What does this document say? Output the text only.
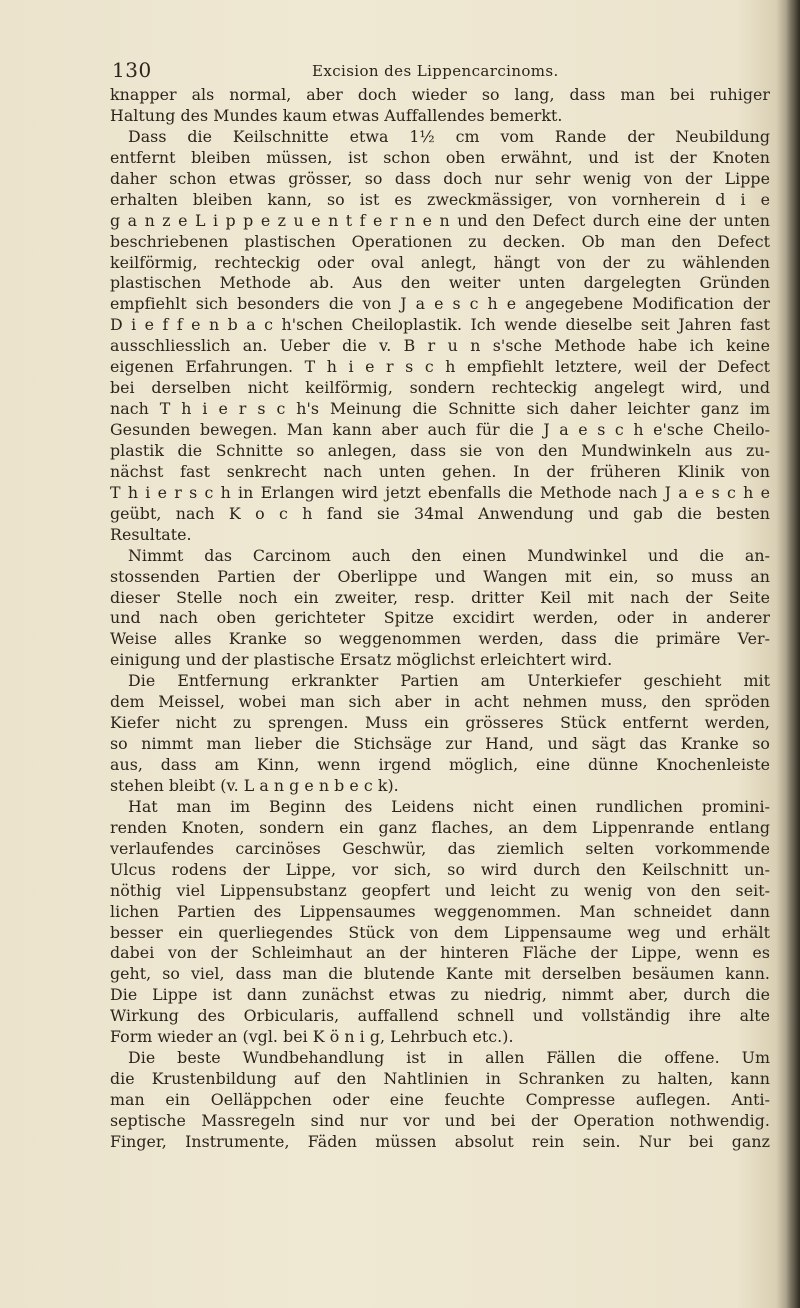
130	Excision des Lippencarcinoms.
knapper als normal, aber doch wieder so lang, dass man bei ruhiger
Haltung des Mundes kaum etwas Auffallendes bemerkt.
Dass die Keilschnitte etwa 1½ cm vom Rande der Neubildung
entfernt bleiben müssen, ist schon oben erwähnt, und ist der Knoten
daher schon etwas grösser, so dass doch nur sehr wenig von der Lippe
erhalten bleiben kann, so ist es zweckmässiger, von vornherein d i e
g a n z e L i p p e z u e n t f e r n e n und den Defect durch eine der unten
beschriebenen plastischen Operationen zu decken. Ob man den Defect
keilförmig, rechteckig oder oval anlegt, hängt von der zu wählenden
plastischen Methode ab. Aus den weiter unten dargelegten Gründen
empfiehlt sich besonders die von J a e s c h e angegebene Modification der
D i e f f e n b a c h'schen Cheiloplastik. Ich wende dieselbe seit Jahren fast
ausschliesslich an. Ueber die v. B r u n s'sche Methode habe ich keine
eigenen Erfahrungen. T h i e r s c h empfiehlt letztere, weil der Defect
bei derselben nicht keilförmig, sondern rechteckig angelegt wird, und
nach T h i e r s c h's Meinung die Schnitte sich daher leichter ganz im
Gesunden bewegen. Man kann aber auch für die J a e s c h e'sche Cheilo-
plastik die Schnitte so anlegen, dass sie von den Mundwinkeln aus zu-
nächst fast senkrecht nach unten gehen. In der früheren Klinik von
T h i e r s c h in Erlangen wird jetzt ebenfalls die Methode nach J a e s c h e
geübt, nach K o c h fand sie 34mal Anwendung und gab die besten
Resultate.
Nimmt das Carcinom auch den einen Mundwinkel und die an-
stossenden Partien der Oberlippe und Wangen mit ein, so muss an
dieser Stelle noch ein zweiter, resp. dritter Keil mit nach der Seite
und nach oben gerichteter Spitze excidirt werden, oder in anderer
Weise alles Kranke so weggenommen werden, dass die primäre Ver-
einigung und der plastische Ersatz möglichst erleichtert wird.
Die Entfernung erkrankter Partien am Unterkiefer geschieht mit
dem Meissel, wobei man sich aber in acht nehmen muss, den spröden
Kiefer nicht zu sprengen. Muss ein grösseres Stück entfernt werden,
so nimmt man lieber die Stichsäge zur Hand, und sägt das Kranke so
aus, dass am Kinn, wenn irgend möglich, eine dünne Knochenleiste
stehen bleibt (v. L a n g e n b e c k).
Hat man im Beginn des Leidens nicht einen rundlichen promini-
renden Knoten, sondern ein ganz flaches, an dem Lippenrande entlang
verlaufendes carcinöses Geschwür, das ziemlich selten vorkommende
Ulcus rodens der Lippe, vor sich, so wird durch den Keilschnitt un-
nöthig viel Lippensubstanz geopfert und leicht zu wenig von den seit-
lichen Partien des Lippensaumes weggenommen. Man schneidet dann
besser ein querliegendes Stück von dem Lippensaume weg und erhält
dabei von der Schleimhaut an der hinteren Fläche der Lippe, wenn es
geht, so viel, dass man die blutende Kante mit derselben besäumen kann.
Die Lippe ist dann zunächst etwas zu niedrig, nimmt aber, durch die
Wirkung des Orbicularis, auffallend schnell und vollständig ihre alte
Form wieder an (vgl. bei K ö n i g, Lehrbuch etc.).
Die beste Wundbehandlung ist in allen Fällen die offene. Um
die Krustenbildung auf den Nahtlinien in Schranken zu halten, kann
man ein Oelläppchen oder eine feuchte Compresse auflegen. Anti-
septische Massregeln sind nur vor und bei der Operation nothwendig.
Finger, Instrumente, Fäden müssen absolut rein sein. Nur bei ganz
